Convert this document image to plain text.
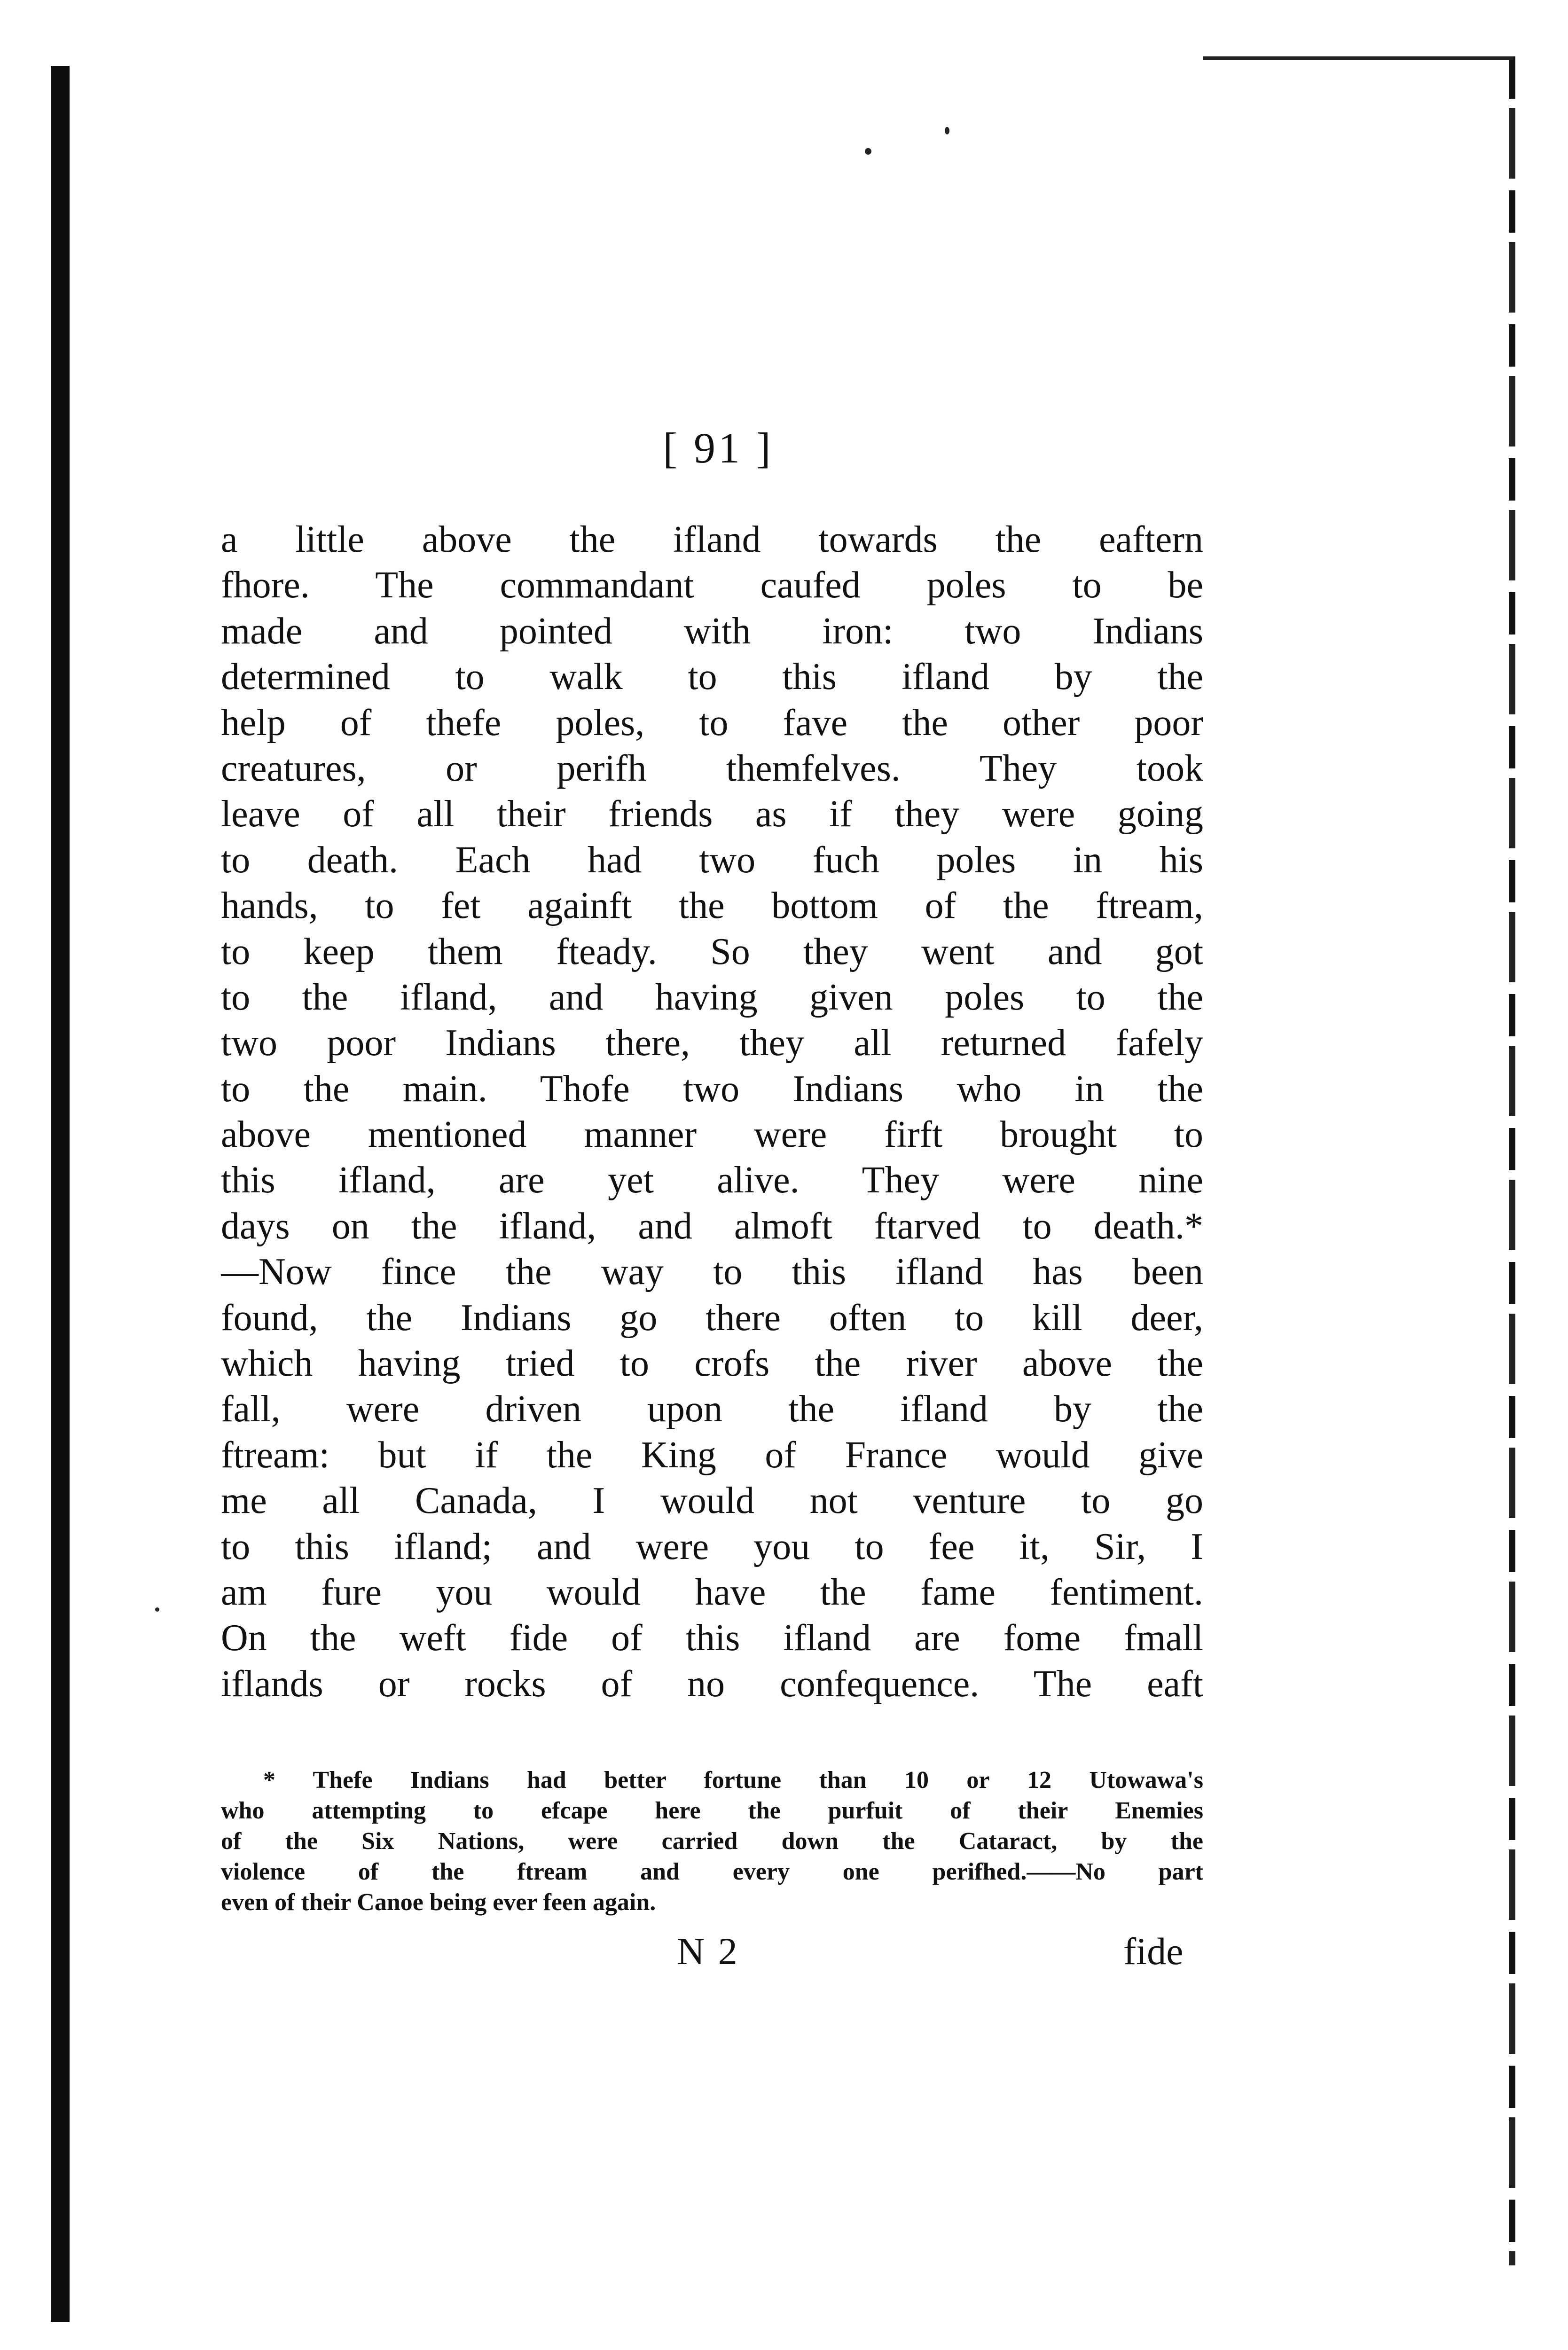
[ 91 ]
a little above the ifland towards the eaftern
fhore. The commandant caufed poles to be
made and pointed with iron: two Indians
determined to walk to this ifland by the
help of thefe poles, to fave the other poor
creatures, or perifh themfelves. They took
leave of all their friends as if they were going
to death. Each had two fuch poles in his
hands, to fet againft the bottom of the ftream,
to keep them fteady. So they went and got
to the ifland, and having given poles to the
two poor Indians there, they all returned fafely
to the main. Thofe two Indians who in the
above mentioned manner were firft brought to
this ifland, are yet alive. They were nine
days on the ifland, and almoft ftarved to death.*
—Now fince the way to this ifland has been
found, the Indians go there often to kill deer,
which having tried to crofs the river above the
fall, were driven upon the ifland by the
ftream: but if the King of France would give
me all Canada, I would not venture to go
to this ifland; and were you to fee it, Sir, I
am fure you would have the fame fentiment.
On the weft fide of this ifland are fome fmall
iflands or rocks of no confequence. The eaft
* Thefe Indians had better fortune than 10 or 12 Utowawa's
who attempting to efcape here the purfuit of their Enemies
of the Six Nations, were carried down the Cataract, by the
violence of the ftream and every one perifhed.——No part
even of their Canoe being ever feen again.
N 2	fide
